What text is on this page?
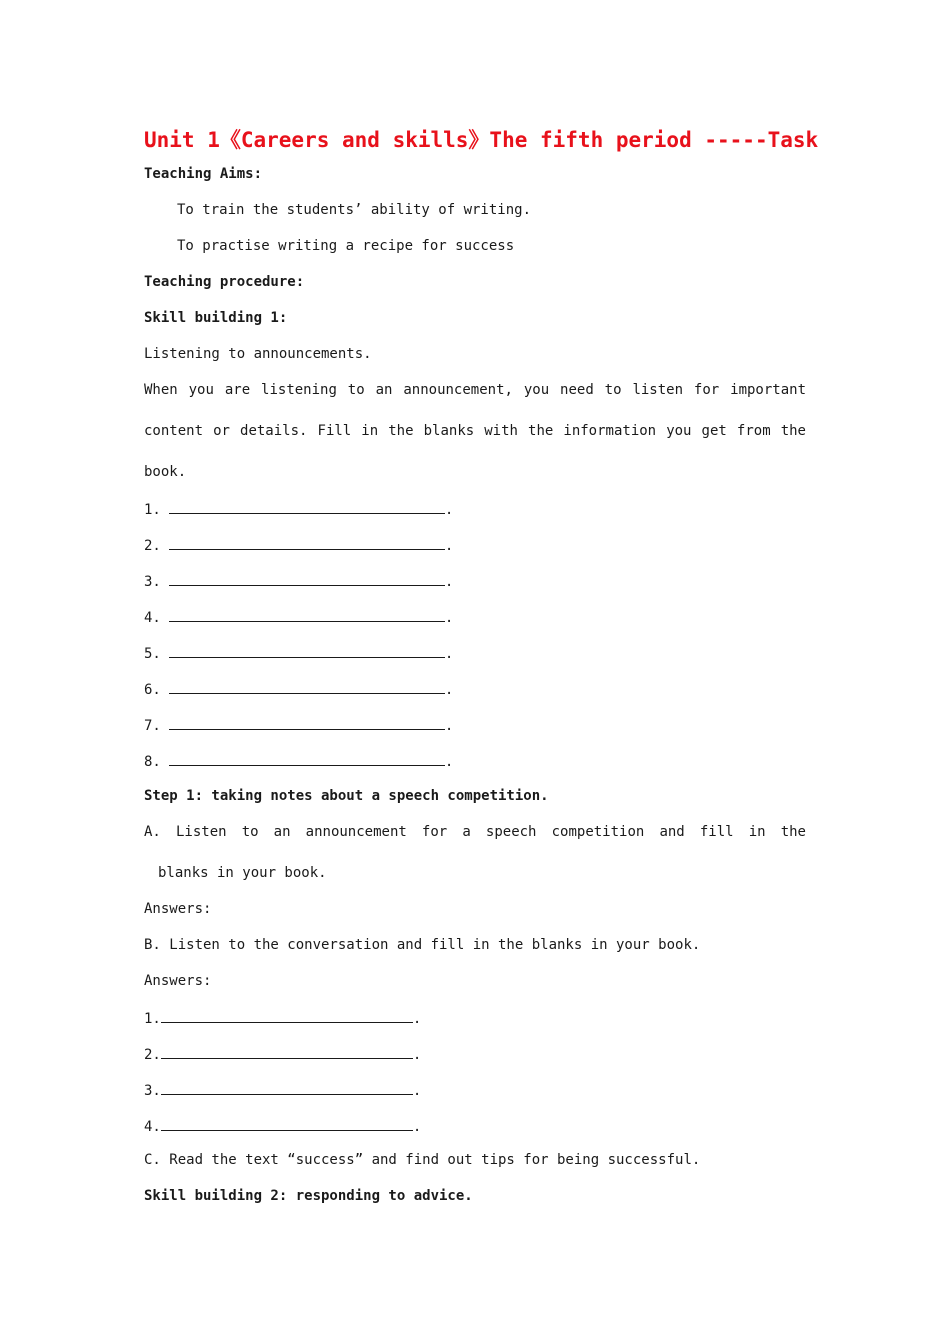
Unit 1《Careers and skills》The fifth period -----Task
Teaching Aims:
To train the students’ ability of writing.
To practise writing a recipe for success
Teaching procedure:
Skill building 1:
Listening to announcements.
When you are listening to an announcement, you need to listen for important
content or details. Fill in the blanks with the information you get from the
book.
1.	.
2.	.
3.	.
4.	.
5.	.
6.	.
7.	.
8.	.
Step 1: taking notes about a speech competition.
A. Listen to an announcement for a speech competition and fill in the
blanks in your book.
Answers:
B. Listen to the conversation and fill in the blanks in your book.
Answers:
1.	.
2.	.
3.	.
4.	.
C. Read the text “success” and find out tips for being successful.
Skill building 2: responding to advice.
